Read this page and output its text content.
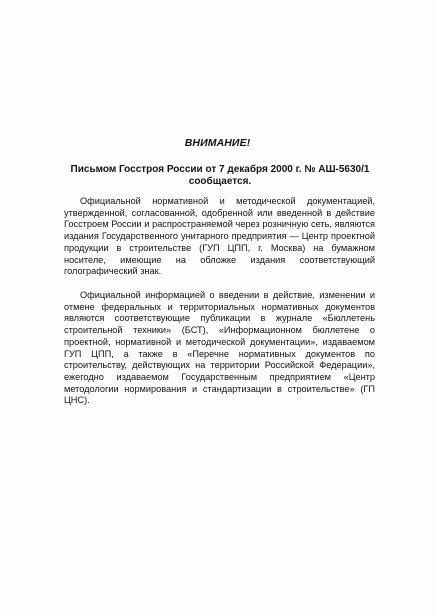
ВНИМАНИЕ!
Письмом Госстроя России от 7 декабря 2000 г. № АШ-5630/1 сообщается.

Официальной нормативной и методической документацией, утвержденной, согласованной, одобренной или введенной в действие Госстроем России и распространяемой через розничную сеть, являются издания Государственного унитарного предприятия — Центр проектной продукции в строительстве (ГУП ЦПП, г. Москва) на бумажном носителе, имеющие на обложке издания соответствующий голографический знак.

Официальной информацией о введении в действие, изменении и отмене федеральных и территориальных нормативных документов являются соответствующие публикации в журнале «Бюллетень строительной техники» (БСТ), «Информационном бюллетене о проектной, нормативной и методической документации», издаваемом ГУП ЦПП, а также в «Перечне нормативных документов по строительству, действующих на территории Российской Федерации», ежегодно издаваемом Государственным предприятием «Центр методологии нормирования и стандартизации в строительстве» (ГП ЦНС).
